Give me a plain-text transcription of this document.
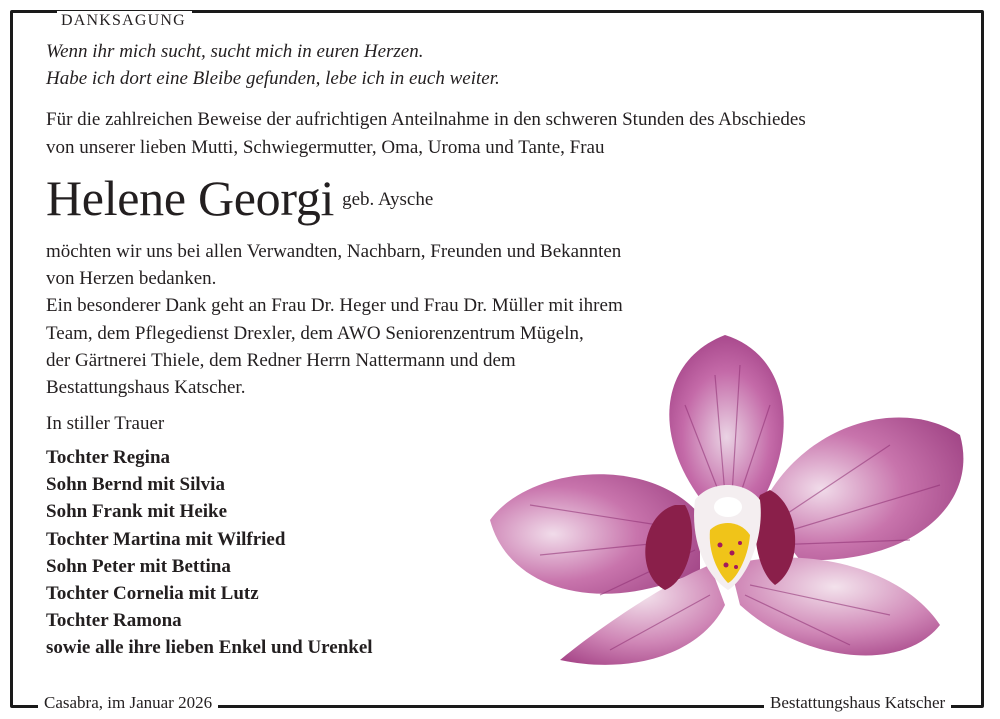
DANKSAGUNG
Wenn ihr mich sucht, sucht mich in euren Herzen.
Habe ich dort eine Bleibe gefunden, lebe ich in euch weiter.
Für die zahlreichen Beweise der aufrichtigen Anteilnahme in den schweren Stunden des Abschiedes
von unserer lieben Mutti, Schwiegermutter, Oma, Uroma und Tante, Frau
Helene Georgi geb. Aysche
möchten wir uns bei allen Verwandten, Nachbarn, Freunden und Bekannten
von Herzen bedanken.
Ein besonderer Dank geht an Frau Dr. Heger und Frau Dr. Müller mit ihrem
Team, dem Pflegedienst Drexler, dem AWO Seniorenzentrum Mügeln,
der Gärtnerei Thiele, dem Redner Herrn Nattermann und dem
Bestattungshaus Katscher.
In stiller Trauer
Tochter Regina
Sohn Bernd mit Silvia
Sohn Frank mit Heike
Tochter Martina mit Wilfried
Sohn Peter mit Bettina
Tochter Cornelia mit Lutz
Tochter Ramona
sowie alle ihre lieben Enkel und Urenkel
Casabra, im Januar 2026	Bestattungshaus Katscher
